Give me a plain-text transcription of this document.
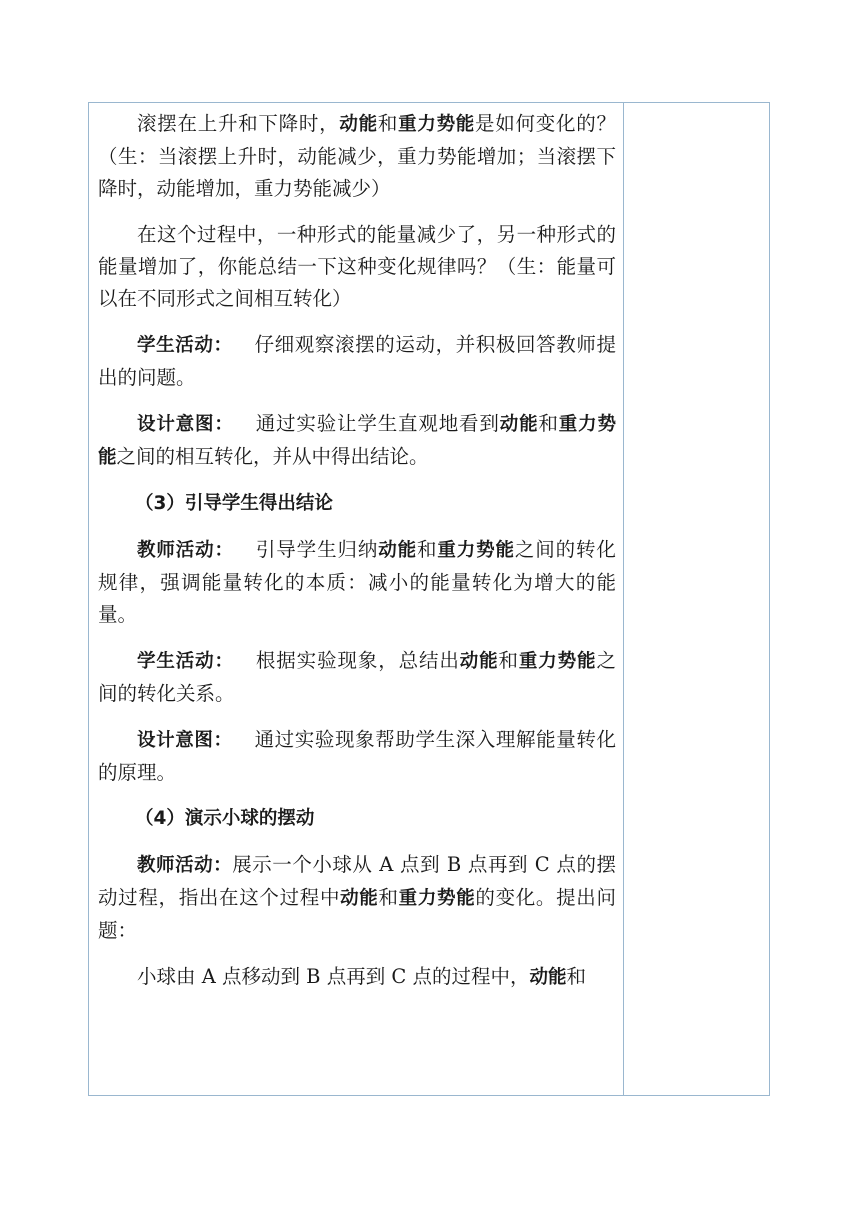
滚摆在上升和下降时，动能和重力势能是如何变化的？（生：当滚摆上升时，动能减少，重力势能增加；当滚摆下降时，动能增加，重力势能减少）

在这个过程中，一种形式的能量减少了，另一种形式的能量增加了，你能总结一下这种变化规律吗？（生：能量可以在不同形式之间相互转化）

学生活动： 仔细观察滚摆的运动，并积极回答教师提出的问题。

设计意图： 通过实验让学生直观地看到动能和重力势能之间的相互转化，并从中得出结论。

（3）引导学生得出结论

教师活动： 引导学生归纳动能和重力势能之间的转化规律，强调能量转化的本质：减小的能量转化为增大的能量。

学生活动： 根据实验现象，总结出动能和重力势能之间的转化关系。

设计意图： 通过实验现象帮助学生深入理解能量转化的原理。

（4）演示小球的摆动

教师活动：展示一个小球从 A 点到 B 点再到 C 点的摆动过程，指出在这个过程中动能和重力势能的变化。提出问题：

小球由 A 点移动到 B 点再到 C 点的过程中，动能和
